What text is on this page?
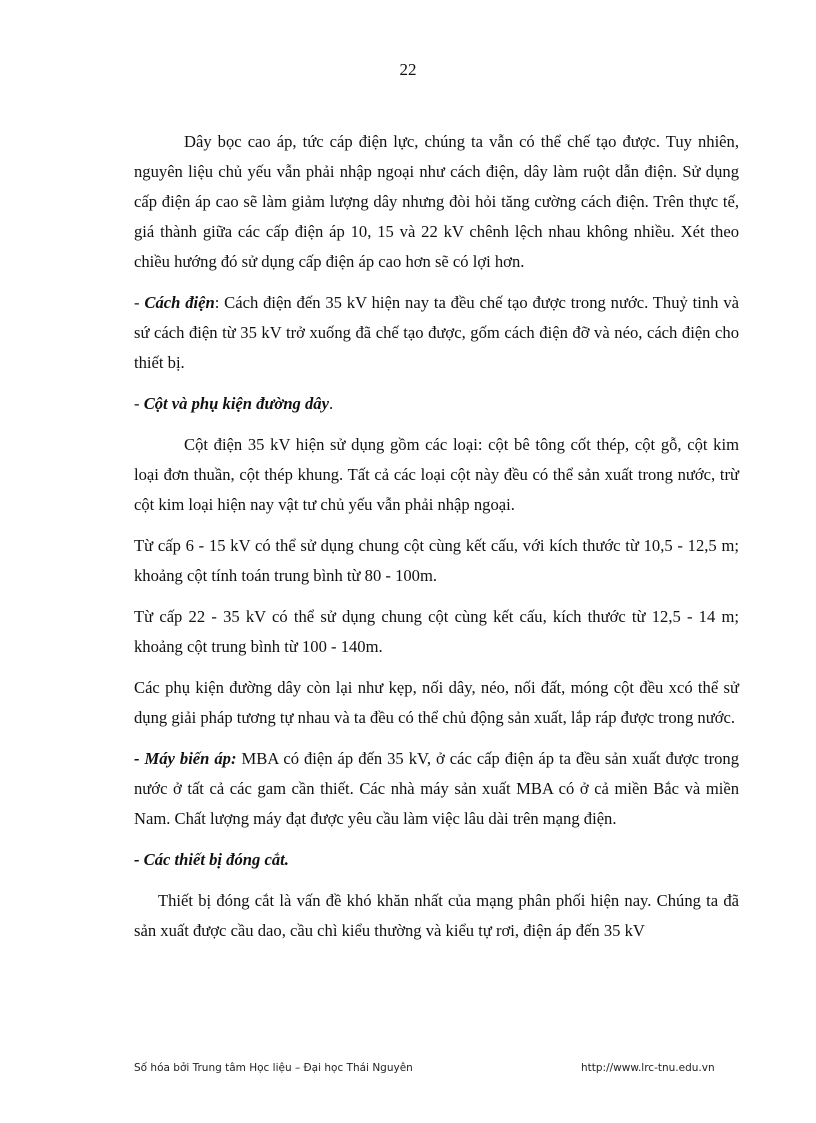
22

Dây bọc cao áp, tức cáp điện lực, chúng ta vẫn có thể chế tạo được. Tuy nhiên, nguyên liệu chủ yếu vẫn phải nhập ngoại như cách điện, dây làm ruột dẫn điện. Sử dụng cấp điện áp cao sẽ làm giảm lượng dây nhưng đòi hỏi tăng cường cách điện. Trên thực tế, giá thành giữa các cấp điện áp 10, 15 và 22 kV chênh lệch nhau không nhiều. Xét theo chiều hướng đó sử dụng cấp điện áp cao hơn sẽ có lợi hơn.

- Cách điện: Cách điện đến 35 kV hiện nay ta đều chế tạo được trong nước. Thuỷ tinh và sứ cách điện từ 35 kV trở xuống đã chế tạo được, gốm cách điện đỡ và néo, cách điện cho thiết bị.

- Cột và phụ kiện đường dây.

Cột điện 35 kV hiện sử dụng gồm các loại: cột bê tông cốt thép, cột gỗ, cột kim loại đơn thuần, cột thép khung. Tất cả các loại cột này đều có thể sản xuất trong nước, trừ cột kim loại hiện nay vật tư chủ yếu vẫn phải nhập ngoại.

Từ cấp 6 - 15 kV có thể sử dụng chung cột cùng kết cấu, với kích thước từ 10,5 - 12,5 m; khoảng cột tính toán trung bình từ 80 - 100m.

Từ cấp 22 - 35 kV có thể sử dụng chung cột cùng kết cấu, kích thước từ 12,5 - 14 m; khoảng cột trung bình từ 100 - 140m.

Các phụ kiện đường dây còn lại như kẹp, nối dây, néo, nối đất, móng cột đều xcó thể sử dụng giải pháp tương tự nhau và ta đều có thể chủ động sản xuất, lắp ráp được trong nước.

- Máy biến áp: MBA có điện áp đến 35 kV, ở các cấp điện áp ta đều sản xuất được trong nước ở tất cả các gam cần thiết. Các nhà máy sản xuất MBA có ở cả miền Bắc và miền Nam. Chất lượng máy đạt được yêu cầu làm việc lâu dài trên mạng điện.

- Các thiết bị đóng cắt.

Thiết bị đóng cắt là vấn đề khó khăn nhất của mạng phân phối hiện nay. Chúng ta đã sản xuất được cầu dao, cầu chì kiểu thường và kiểu tự rơi, điện áp đến 35 kV

Số hóa bởi Trung tâm Học liệu – Đại học Thái Nguyên	http://www.lrc-tnu.edu.vn
